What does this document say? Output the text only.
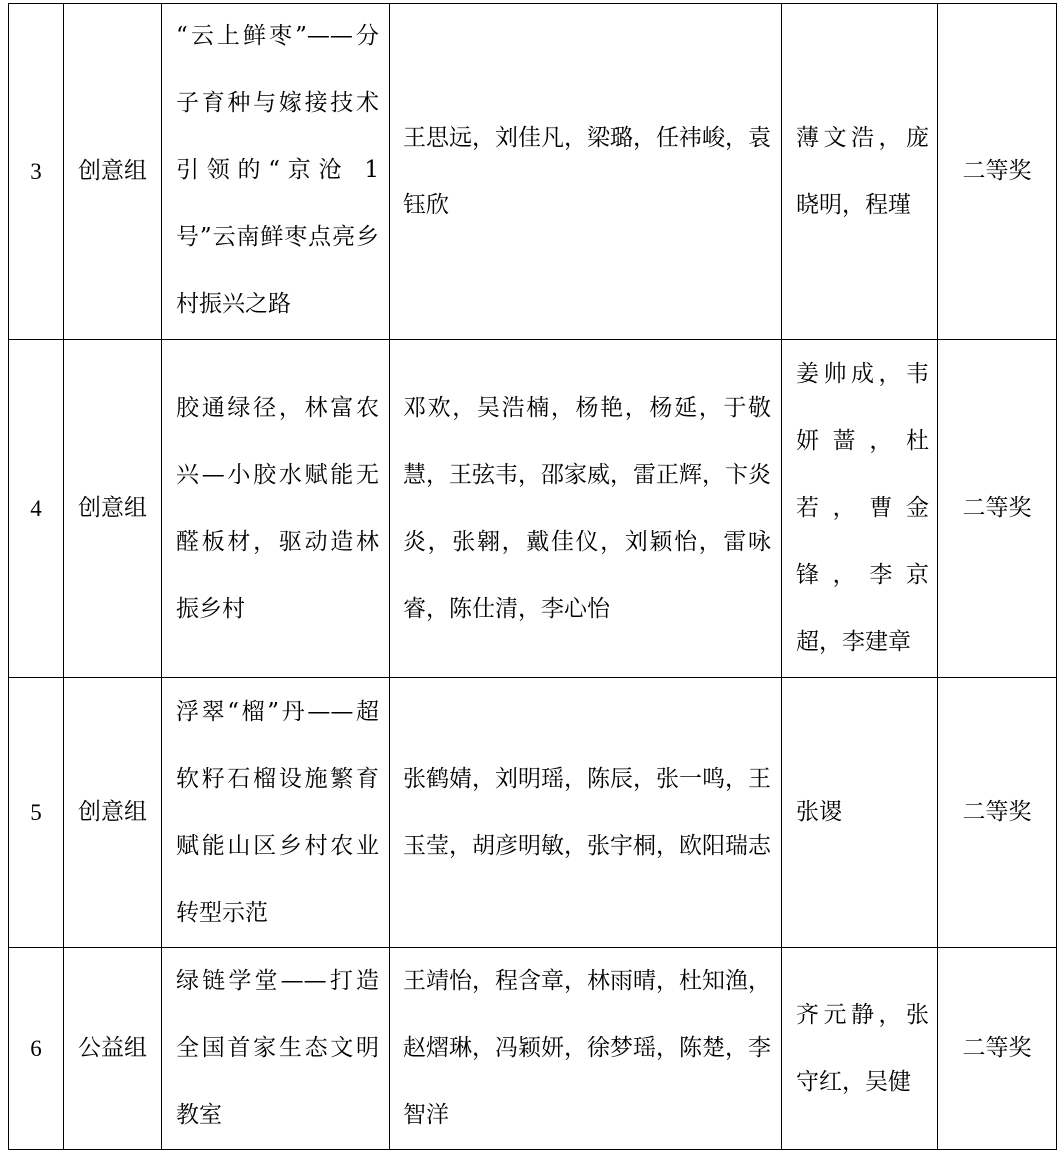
3	创意组	“云上鲜枣”——分子育种与嫁接技术引领的“京沧 1 号”云南鲜枣点亮乡村振兴之路	王思远，刘佳凡，梁璐，任祎峻，袁钰欣	薄文浩，庞晓明，程瑾	二等奖
4	创意组	胶通绿径，林富农兴—小胶水赋能无醛板材，驱动造林振乡村	邓欢，吴浩楠，杨艳，杨延，于敬慧，王弦韦，邵家威，雷正辉，卞炎炎，张翱，戴佳仪，刘颖怡，雷咏睿，陈仕清，李心怡	姜帅成，韦妍蔷，杜若，曹金锋，李京超，李建章	二等奖
5	创意组	浮翠“榴”丹——超软籽石榴设施繁育赋能山区乡村农业转型示范	张鹤婧，刘明瑶，陈辰，张一鸣，王玉莹，胡彦明敏，张宇桐，欧阳瑞志	张谡	二等奖
6	公益组	绿链学堂——打造全国首家生态文明教室	王靖怡，程含章，林雨晴，杜知渔，赵熠琳，冯颖妍，徐梦瑶，陈楚，李智洋	齐元静，张守红，吴健	二等奖
